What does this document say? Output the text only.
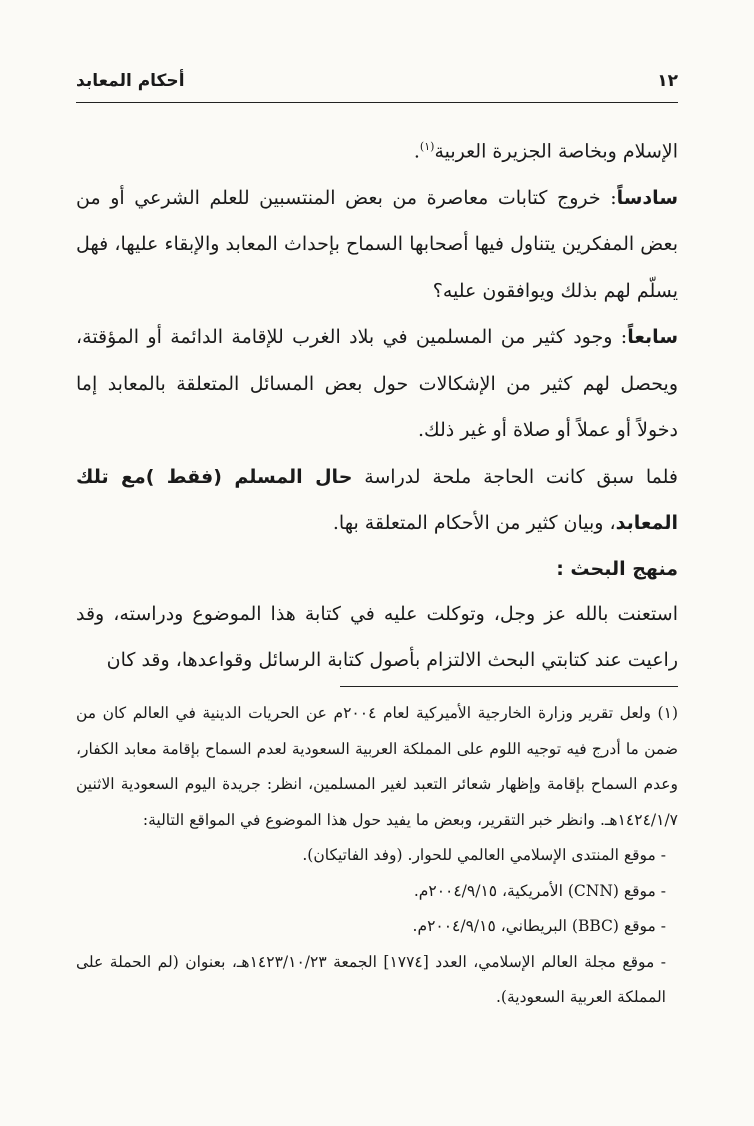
١٢
أحكام المعابد

الإسلام وبخاصة الجزيرة العربية$^{(١)}$.

سادساً: خروج كتابات معاصرة من بعض المنتسبين للعلم الشرعي أو من بعض المفكرين يتناول فيها أصحابها السماح بإحداث المعابد والإبقاء عليها، فهل يسلّم لهم بذلك ويوافقون عليه؟

سابعاً: وجود كثير من المسلمين في بلاد الغرب للإقامة الدائمة أو المؤقتة، ويحصل لهم كثير من الإشكالات حول بعض المسائل المتعلقة بالمعابد إما دخولاً أو عملاً أو صلاة أو غير ذلك.

فلما سبق كانت الحاجة ملحة لدراسة حال المسلم (فقط )مع تلك المعابد، وبيان كثير من الأحكام المتعلقة بها.

منهج البحث :

استعنت بالله عز وجل، وتوكلت عليه في كتابة هذا الموضوع ودراسته، وقد راعيت عند كتابتي البحث الالتزام بأصول كتابة الرسائل وقواعدها، وقد كان

(١) ولعل تقرير وزارة الخارجية الأميركية لعام ٢٠٠٤م عن الحريات الدينية في العالم كان من ضمن ما أدرج فيه توجيه اللوم على المملكة العربية السعودية لعدم السماح بإقامة معابد الكفار، وعدم السماح بإقامة وإظهار شعائر التعبد لغير المسلمين، انظر: جريدة اليوم السعودية الاثنين ١٤٢٤/١/٧هـ. وانظر خبر التقرير، وبعض ما يفيد حول هذا الموضوع في المواقع التالية:

- موقع المنتدى الإسلامي العالمي للحوار. (وفد الفاتيكان).

- موقع (CNN) الأمريكية، ٢٠٠٤/٩/١٥م.

- موقع (BBC) البريطاني، ٢٠٠٤/٩/١٥م.

- موقع مجلة العالم الإسلامي، العدد [١٧٧٤] الجمعة ١٤٢٣/١٠/٢٣هـ، بعنوان (لم الحملة على المملكة العربية السعودية).
